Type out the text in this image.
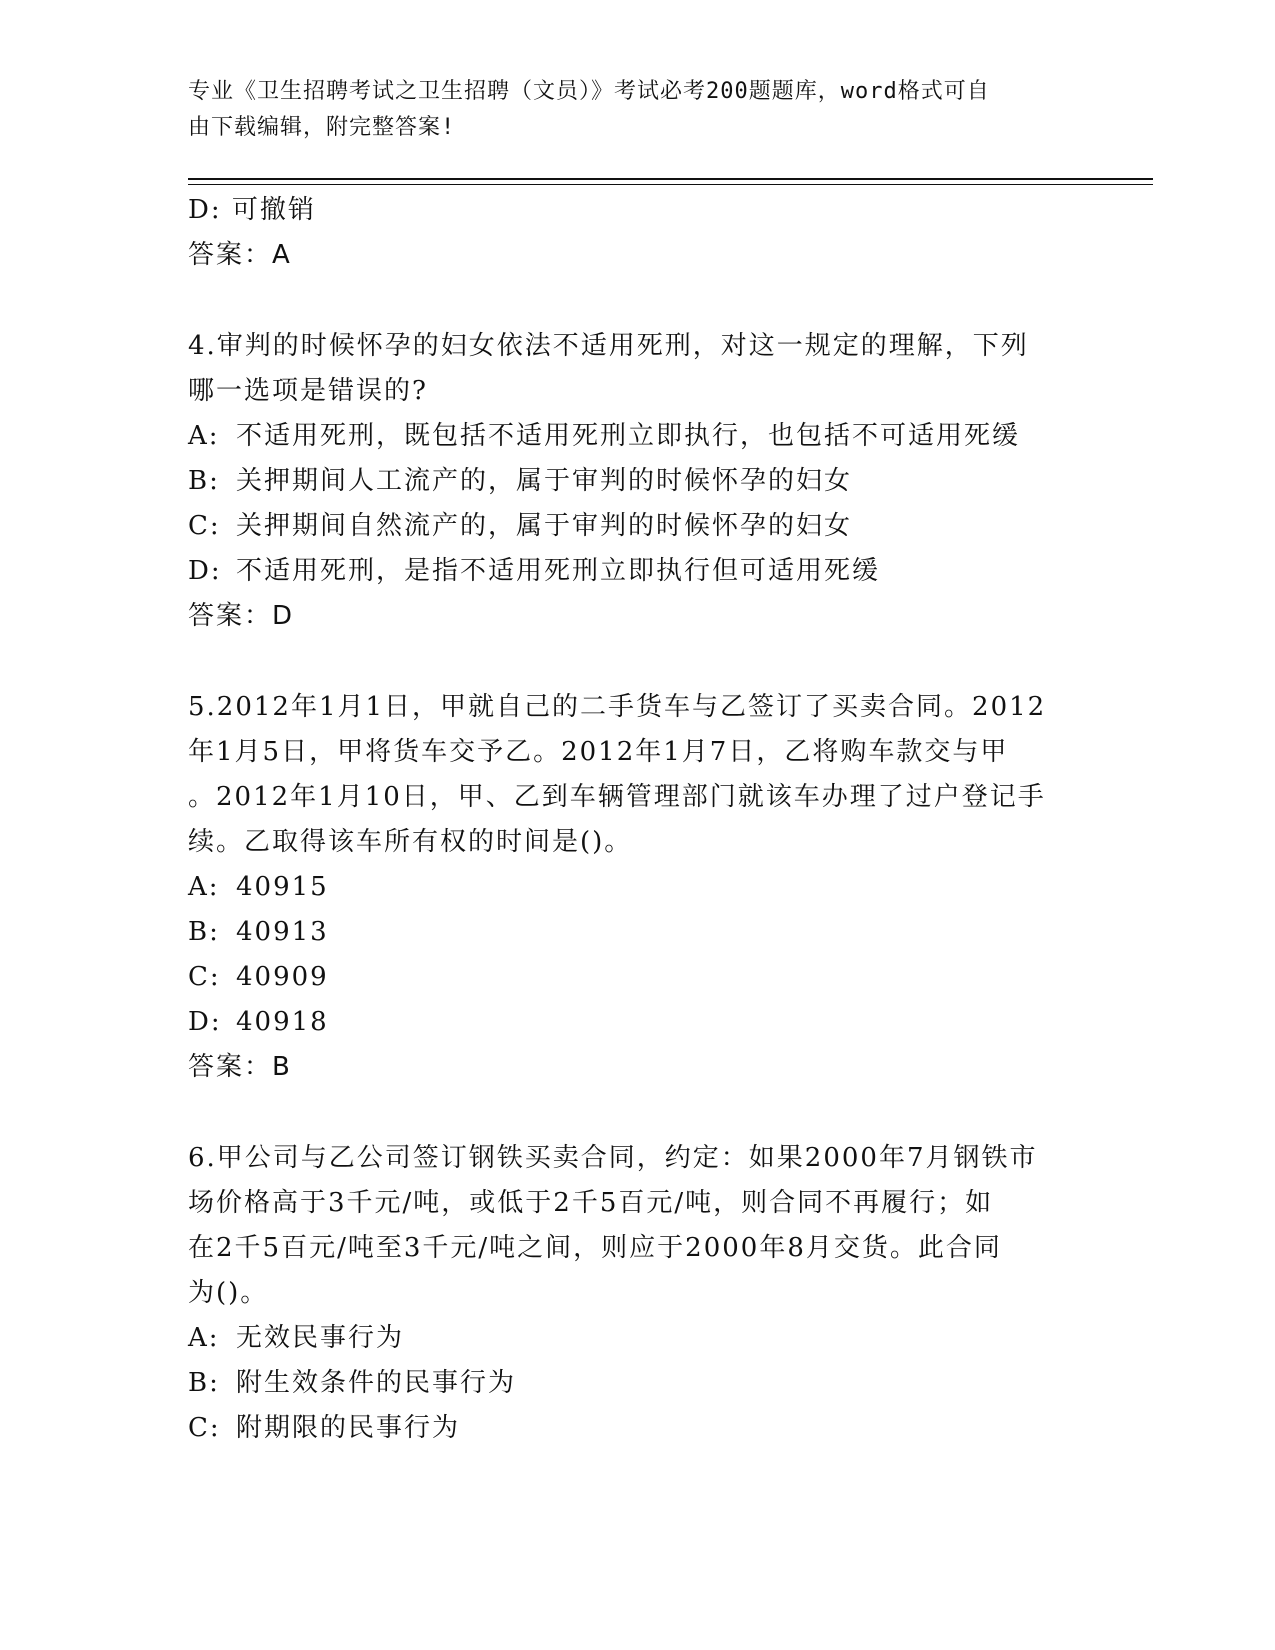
专业《卫生招聘考试之卫生招聘（文员）》考试必考200题题库，word格式可自
由下载编辑，附完整答案!
D: 可撤销
答案：A
4.审判的时候怀孕的妇女依法不适用死刑，对这一规定的理解，下列
哪一选项是错误的?
A: 不适用死刑，既包括不适用死刑立即执行，也包括不可适用死缓
B: 关押期间人工流产的，属于审判的时候怀孕的妇女
C: 关押期间自然流产的，属于审判的时候怀孕的妇女
D: 不适用死刑，是指不适用死刑立即执行但可适用死缓
答案：D
5.2012年1月1日，甲就自己的二手货车与乙签订了买卖合同。2012
年1月5日，甲将货车交予乙。2012年1月7日，乙将购车款交与甲
。2012年1月10日，甲、乙到车辆管理部门就该车办理了过户登记手
续。乙取得该车所有权的时间是()。
A: 40915
B: 40913
C: 40909
D: 40918
答案：B
6.甲公司与乙公司签订钢铁买卖合同，约定：如果2000年7月钢铁市
场价格高于3千元/吨，或低于2千5百元/吨，则合同不再履行；如
在2千5百元/吨至3千元/吨之间，则应于2000年8月交货。此合同
为()。
A: 无效民事行为
B: 附生效条件的民事行为
C: 附期限的民事行为
